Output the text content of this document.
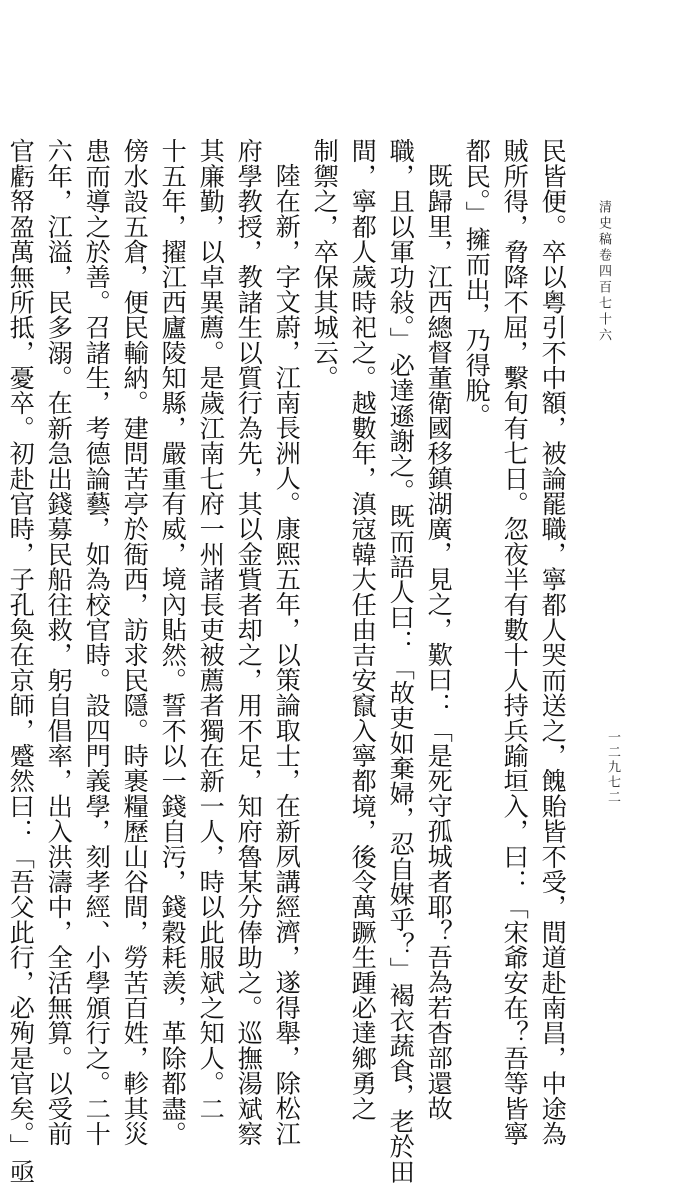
清史稿卷四百七十六
一二九七二
民皆便。卒以粤引不中額，被論罷職，寧都人哭而送之，餽貽皆不受，間道赴南昌，中途為
賊所得，脅降不屈，繫旬有七日。忽夜半有數十人持兵踰垣入，曰：「宋爺安在？吾等皆寧
都民。」擁而出，乃得脫。
既歸里，江西總督董衛國移鎮湖廣，見之，歎曰：「是死守孤城者耶？吾為若杳部還故
職，且以軍功敍。」必達遜謝之。既而語人曰：「故吏如棄婦，忍自媒乎？」褐衣蔬食，老於田
間，寧都人歲時祀之。越數年，滇寇韓大任由吉安竄入寧都境，後令萬蹶生踵必達鄉勇之
制禦之，卒保其城云。
陸在新，字文蔚，江南長洲人。康熙五年，以策論取士，在新夙講經濟，遂得舉，除松江
府學教授，教諸生以質行為先，其以金貲者却之，用不足，知府魯某分俸助之。巡撫湯斌察
其廉勤，以卓異薦。是歲江南七府一州諸長吏被薦者獨在新一人，時以此服斌之知人。二
十五年，擢江西廬陵知縣，嚴重有威，境內貼然。誓不以一錢自污，錢穀耗羨，革除都盡。
傍水設五倉，便民輸納。建問苦亭於衙西，訪求民隱。時裹糧歷山谷間，勞苦百姓，軫其災
患而導之於善。召諸生，考德論藝，如為校官時。設四門義學，刻孝經、小學頒行之。二十
六年，江溢，民多溺。在新急出錢募民船往救，躬自倡率，出入洪濤中，全活無算。以受前
官虧帑盈萬無所抵，憂卒。初赴官時，子孔奐在京師，蹙然曰：「吾父此行，必殉是官矣。」亟
